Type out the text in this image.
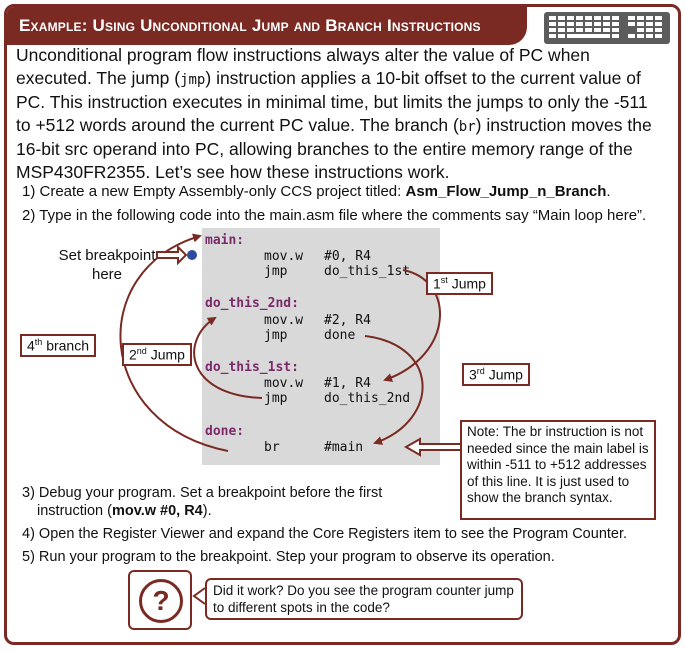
Example: Using Unconditional Jump and Branch Instructions

Unconditional program flow instructions always alter the value of PC when executed. The jump (jmp) instruction applies a 10-bit offset to the current value of PC. This instruction executes in minimal time, but limits the jumps to only the -511 to +512 words around the current PC value. The branch (br) instruction moves the 16-bit src operand into PC, allowing branches to the entire memory range of the MSP430FR2355. Let’s see how these instructions work.

1) Create a new Empty Assembly-only CCS project titled: Asm_Flow_Jump_n_Branch.

2) Type in the following code into the main.asm file where the comments say “Main loop here”.

main:
mov.w #0, R4
jmp	do_this_1st
do_this_2nd:
mov.w #2, R4
jmp	done
do_this_1st:
mov.w #1, R4
jmp	do_this_2nd
done:
br	#main
Set breakpoint
here
1st Jump
2nd Jump
3rd Jump
4th branch
Note: The br instruction is not needed since the main label is within -511 to +512 addresses of this line. It is just used to show the branch syntax.

3) Debug your program. Set a breakpoint before the first

instruction (mov.w #0, R4).

4) Open the Register Viewer and expand the Core Registers item to see the Program Counter.

5) Run your program to the breakpoint. Step your program to observe its operation.

?	Did it work? Do you see the program counter jump to different spots in the code?
